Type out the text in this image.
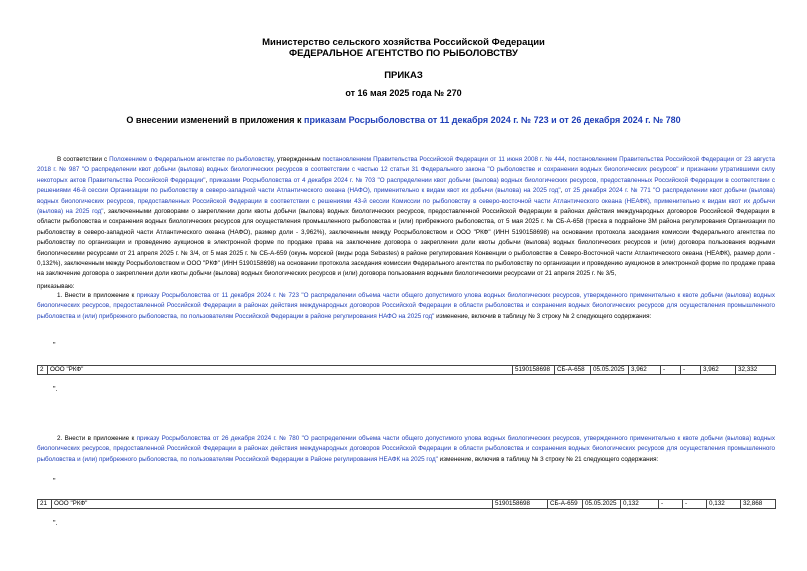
Министерство сельского хозяйства Российской Федерации
ФЕДЕРАЛЬНОЕ АГЕНТСТВО ПО РЫБОЛОВСТВУ
ПРИКАЗ
от 16 мая 2025 года № 270
О внесении изменений в приложения к приказам Росрыболовства от 11 декабря 2024 г. № 723 и от 26 декабря 2024 г. № 780
В соответствии с Положением о Федеральном агентстве по рыболовству, утвержденным постановлением Правительства Российской Федерации от 11 июня 2008 г. № 444, постановлением Правительства Российской Федерации от 23 августа 2018 г. № 987 "О распределении квот добычи (вылова) водных биологических ресурсов в соответствии с частью 12 статьи 31 Федерального закона "О рыболовстве и сохранении водных биологических ресурсов" и признании утратившими силу некоторых актов Правительства Российской Федерации", приказами Росрыболовства от 4 декабря 2024 г. № 703 "О распределении квот добычи (вылова) водных биологических ресурсов, предоставленных Российской Федерации в соответствии с решениями 46-й сессии Организации по рыболовству в северо-западной части Атлантического океана (НАФО), применительно к видам квот их добычи (вылова) на 2025 год", от 25 декабря 2024 г. № 771 "О распределении квот добычи (вылова) водных биологических ресурсов, предоставленных Российской Федерации в соответствии с решениями 43-й сессии Комиссии по рыболовству в северо-восточной части Атлантического океана (НЕАФК), применительно к видам квот их добычи (вылова) на 2025 год", заключенными договорами о закреплении доли квоты добычи (вылова) водных биологических ресурсов, предоставленной Российской Федерации в районах действия международных договоров Российской Федерации в области рыболовства и сохранения водных биологических ресурсов для осуществления промышленного рыболовства и (или) прибрежного рыболовства, от 5 мая 2025 г. № СБ-А-658 (треска в подрайоне 3М района регулирования Организации по рыболовству в северо-западной части Атлантического океана (НАФО), размер доли - 3,962%), заключенным между Росрыболовством и ООО "РКФ" (ИНН 5190158698) на основании протокола заседания комиссии Федерального агентства по рыболовству по организации и проведению аукционов в электронной форме по продаже права на заключение договора о закреплении доли квоты добычи (вылова) водных биологических ресурсов и (или) договора пользования водными биологическими ресурсами от 21 апреля 2025 г. № 3/4, от 5 мая 2025 г. № СБ-А-659 (окунь морской (виды рода Sebastes) в районе регулирования Конвенции о рыболовстве в Северо-Восточной части Атлантического океана (НЕАФК), размер доли - 0,132%), заключенным между Росрыболовством и ООО "РКФ" (ИНН 5190158698) на основании протокола заседания комиссии Федерального агентства по рыболовству по организации и проведению аукционов в электронной форме по продаже права на заключение договора о закреплении доли квоты добычи (вылова) водных биологических ресурсов и (или) договора пользования водными биологическими ресурсами от 21 апреля 2025 г. № 3/5,
приказываю:
1. Внести в приложение к приказу Росрыболовства от 11 декабря 2024 г. № 723 "О распределении объема части общего допустимого улова водных биологических ресурсов, утвержденного применительно к квоте добычи (вылова) водных биологических ресурсов, предоставленной Российской Федерации в районах действия международных договоров Российской Федерации в области рыболовства и сохранения водных биологических ресурсов для осуществления промышленного рыболовства и (или) прибрежного рыболовства, по пользователям Российской Федерации в районе регулирования НАФО на 2025 год" изменение, включив в таблицу № 3 строку № 2 следующего содержания:
"
2	ООО "РКФ"	5190158698	СБ-А-658	05.05.2025	3,962	-	-	3,962	32,332
".
2. Внести в приложение к приказу Росрыболовства от 26 декабря 2024 г. № 780 "О распределении объема части общего допустимого улова водных биологических ресурсов, утвержденного применительно к квоте добычи (вылова) водных биологических ресурсов, предоставленной Российской Федерации в районах действия международных договоров Российской Федерации в области рыболовства и сохранения водных биологических ресурсов для осуществления промышленного рыболовства и (или) прибрежного рыболовства, по пользователям Российской Федерации в Районе регулирования НЕАФК на 2025 год" изменение, включив в таблицу № 3 строку № 21 следующего содержания:
"
21	ООО "РКФ"	5190158698	СБ-А-659	05.05.2025	0,132	-	-	0,132	32,868
".
